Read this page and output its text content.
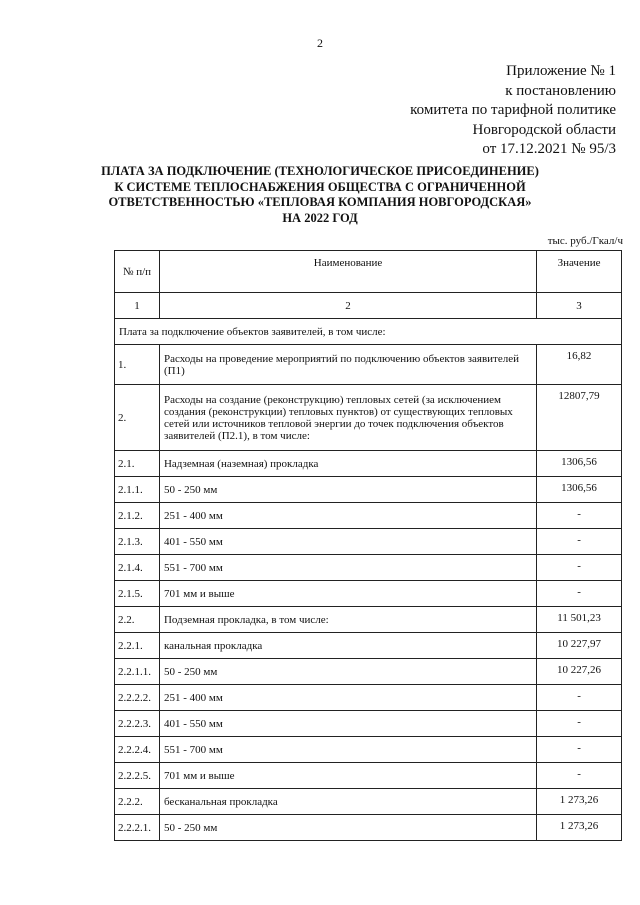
2
Приложение № 1
к постановлению
комитета по тарифной политике
Новгородской области
от 17.12.2021 № 95/3
ПЛАТА ЗА ПОДКЛЮЧЕНИЕ (ТЕХНОЛОГИЧЕСКОЕ ПРИСОЕДИНЕНИЕ)
К СИСТЕМЕ ТЕПЛОСНАБЖЕНИЯ ОБЩЕСТВА С ОГРАНИЧЕННОЙ
ОТВЕТСТВЕННОСТЬЮ «ТЕПЛОВАЯ КОМПАНИЯ НОВГОРОДСКАЯ»
НА 2022 ГОД
тыс. руб./Гкал/ч
№ п/п	Наименование	Значение
1	2	3
Плата за подключение объектов заявителей, в том числе:		
1.	Расходы на проведение мероприятий по подключению объектов заявителей (П1)	16,82
2.	Расходы на создание (реконструкцию) тепловых сетей (за исключением создания (реконструкции) тепловых пунктов) от существующих тепловых сетей или источников тепловой энергии до точек подключения объектов заявителей (П2.1), в том числе:	12807,79
2.1.	Надземная (наземная) прокладка	1306,56
2.1.1.	50 - 250 мм	1306,56
2.1.2.	251 - 400 мм	-
2.1.3.	401 - 550 мм	-
2.1.4.	551 - 700 мм	-
2.1.5.	701 мм и выше	-
2.2.	Подземная прокладка, в том числе:	11 501,23
2.2.1.	канальная прокладка	10 227,97
2.2.1.1.	50 - 250 мм	10 227,26
2.2.2.2.	251 - 400 мм	-
2.2.2.3.	401 - 550 мм	-
2.2.2.4.	551 - 700 мм	-
2.2.2.5.	701 мм и выше	-
2.2.2.	бесканальная прокладка	1 273,26
2.2.2.1.	50 - 250 мм	1 273,26
